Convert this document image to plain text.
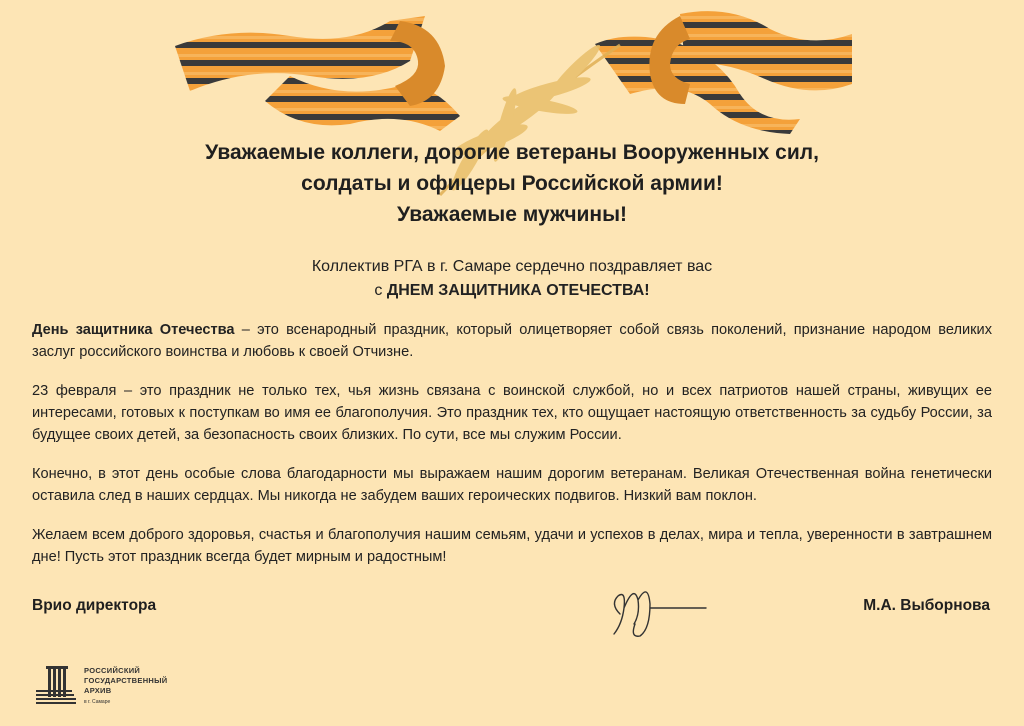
Уважаемые коллеги, дорогие ветераны Вооруженных сил,
солдаты и офицеры Российской армии!
Уважаемые мужчины!
Коллектив РГА в г. Самаре сердечно поздравляет вас
с ДНЕМ ЗАЩИТНИКА ОТЕЧЕСТВА!

День защитника Отечества – это всенародный праздник, который олицетворяет собой связь поколений, признание народом великих заслуг российского воинства и любовь к своей Отчизне.

23 февраля – это праздник не только тех, чья жизнь связана с воинской службой, но и всех патриотов нашей страны, живущих ее интересами, готовых к поступкам во имя ее благополучия. Это праздник тех, кто ощущает настоящую ответственность за судьбу России, за будущее своих детей, за безопасность своих близких. По сути, все мы служим России.

Конечно, в этот день особые слова благодарности мы выражаем нашим дорогим ветеранам. Великая Отечественная война генетически оставила след в наших сердцах. Мы никогда не забудем ваших героических подвигов. Низкий вам поклон.

Желаем всем доброго здоровья, счастья и благополучия нашим семьям, удачи и успехов в делах, мира и тепла, уверенности в завтрашнем дне! Пусть этот праздник всегда будет мирным и радостным!

Врио директора	М.А. Выборнова
РОССИЙСКИЙ
ГОСУДАРСТВЕННЫЙ
АРХИВ
в г. Самаре
